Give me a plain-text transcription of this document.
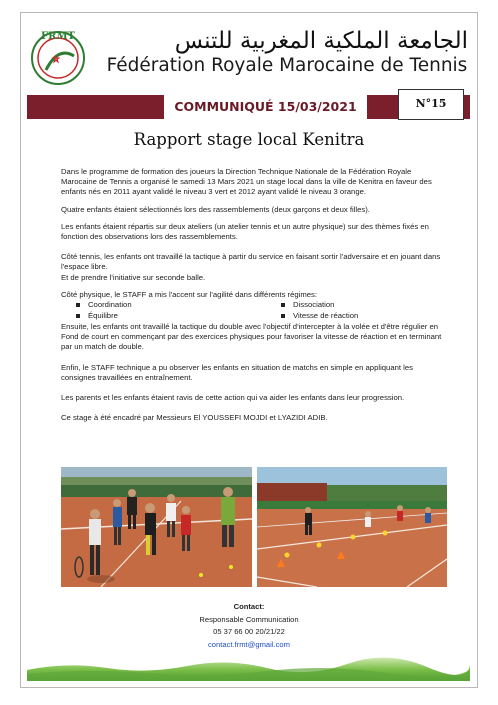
FRMT	الجامعة الملكية المغربية للتنس
Fédération Royale Marocaine de Tennis
COMMUNIQUÉ 15/03/2021	N°15
Rapport stage local Kenitra

Dans le programme de formation des joueurs la Direction Technique Nationale de la Fédération Royale Marocaine de Tennis a organisé le samedi 13 Mars 2021 un stage local dans la ville de Kenitra en faveur des enfants nés en 2011 ayant validé le niveau 3 vert et 2012 ayant validé le niveau 3 orange.

Quatre enfants étaient sélectionnés lors des rassemblements (deux garçons et deux filles).

Les enfants étaient répartis sur deux ateliers (un atelier tennis et un autre physique) sur des thèmes fixés en fonction des observations lors des rassemblements.

Côté tennis, les enfants ont travaillé la tactique à partir du service en faisant sortir l'adversaire et en jouant dans l'espace libre.

Et de prendre l'initiative sur seconde balle.

Côté physique, le STAFF a mis l'accent sur l'agilité dans différents régimes:

Coordination	Dissociation
Équilibre	Vitesse de réaction

Ensuite, les enfants ont travaillé la tactique du double avec l'objectif d'intercepter à la volée et d'être régulier en Fond de court en commençant par des exercices physiques pour favoriser la vitesse de réaction et en terminant par un match de double.

Enfin, le STAFF technique a pu observer les enfants en situation de matchs en simple en appliquant les consignes travaillées en entraînement.

Les parents et les enfants étaient ravis de cette action qui va aider les enfants dans leur progression.

Ce stage à été encadré par Messieurs El YOUSSEFI MOJDI et LYAZIDI ADIB.

Contact:
Responsable Communication
05 37 66 00 20/21/22
contact.frmt@gmail.com
